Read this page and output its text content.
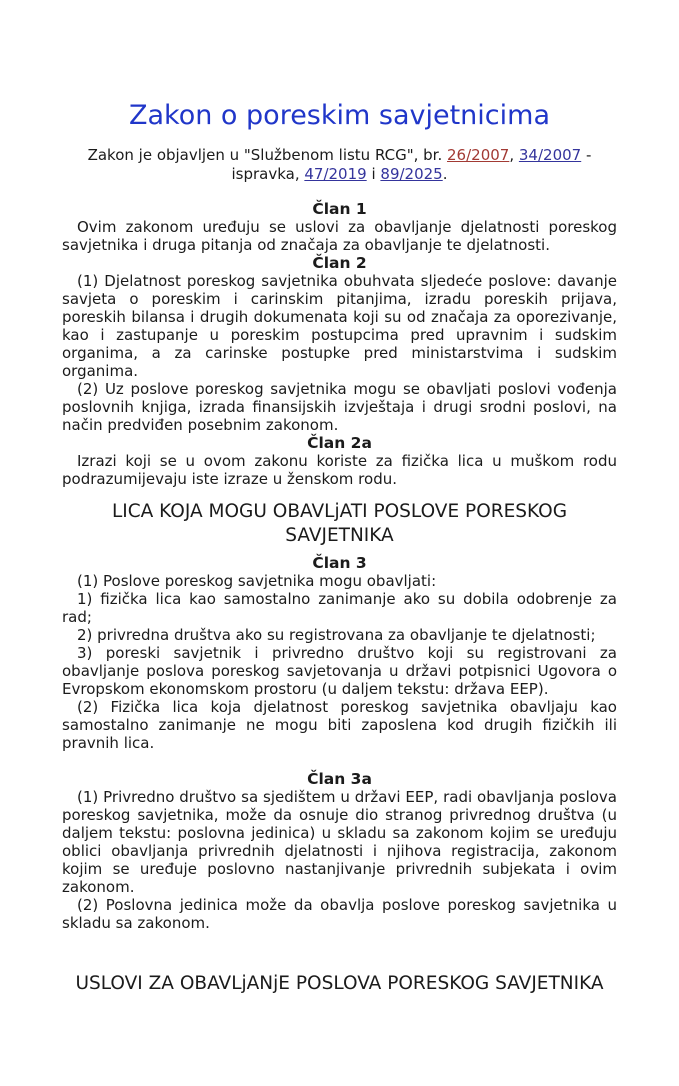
Zakon o poreskim savjetnicima

Zakon je objavljen u "Službenom listu RCG", br. 26/2007, 34/2007 - ispravka, 47/2019 i 89/2025.

Član 1

Ovim zakonom uređuju se uslovi za obavljanje djelatnosti poreskog savjetnika i druga pitanja od značaja za obavljanje te djelatnosti.

Član 2

(1) Djelatnost poreskog savjetnika obuhvata sljedeće poslove: davanje savjeta o poreskim i carinskim pitanjima, izradu poreskih prijava, poreskih bilansa i drugih dokumenata koji su od značaja za oporezivanje, kao i zastupanje u poreskim postupcima pred upravnim i sudskim organima, a za carinske postupke pred ministarstvima i sudskim organima.

(2) Uz poslove poreskog savjetnika mogu se obavljati poslovi vođenja poslovnih knjiga, izrada finansijskih izvještaja i drugi srodni poslovi, na način predviđen posebnim zakonom.

Član 2a

Izrazi koji se u ovom zakonu koriste za fizička lica u muškom rodu podrazumijevaju iste izraze u ženskom rodu.

LICA KOJA MOGU OBAVLjATI POSLOVE PORESKOG SAVJETNIKA
Član 3

(1) Poslove poreskog savjetnika mogu obavljati:

1) fizička lica kao samostalno zanimanje ako su dobila odobrenje za rad;

2) privredna društva ako su registrovana za obavljanje te djelatnosti;

3) poreski savjetnik i privredno društvo koji su registrovani za obavljanje poslova poreskog savjetovanja u državi potpisnici Ugovora o Evropskom ekonomskom prostoru (u daljem tekstu: država EEP).

(2) Fizička lica koja djelatnost poreskog savjetnika obavljaju kao samostalno zanimanje ne mogu biti zaposlena kod drugih fizičkih ili pravnih lica.

Član 3a

(1) Privredno društvo sa sjedištem u državi EEP, radi obavljanja poslova poreskog savjetnika, može da osnuje dio stranog privrednog društva (u daljem tekstu: poslovna jedinica) u skladu sa zakonom kojim se uređuju oblici obavljanja privrednih djelatnosti i njihova registracija, zakonom kojim se uređuje poslovno nastanjivanje privrednih subjekata i ovim zakonom.

(2) Poslovna jedinica može da obavlja poslove poreskog savjetnika u skladu sa zakonom.

USLOVI ZA OBAVLjANjE POSLOVA PORESKOG SAVJETNIKA
